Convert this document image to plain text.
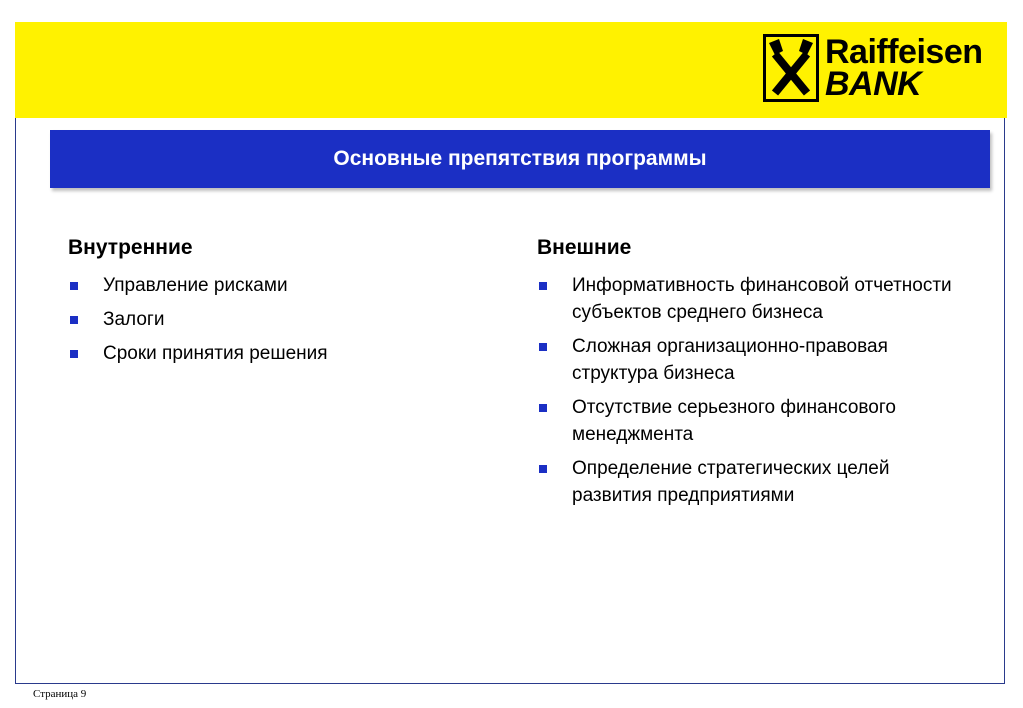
Raiffeisen
BANK
Основные препятствия программы
Внутренние
Управление рисками
Залоги
Сроки принятия решения
Внешние
Информативность финансовой отчетности субъектов среднего бизнеса
Сложная организационно-правовая структура бизнеса
Отсутствие серьезного финансового менеджмента
Определение стратегических целей развития предприятиями
Страница 9
